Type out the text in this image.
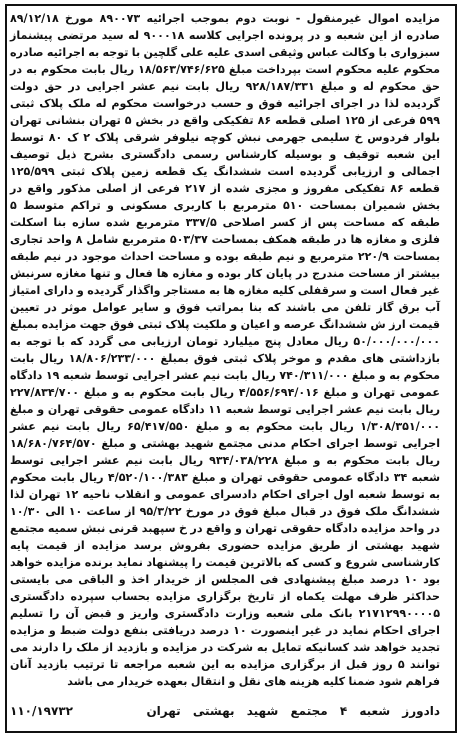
مزایده اموال غیرمنقول - نوبت دوم بموجب اجرائیه ۸۹۰۰۷۳ مورخ ۸۹/۱۲/۱۸ صادره از این شعبه و در پرونده اجرایی کلاسه ۹۰۰۰۱۸ له سید مرتضی پیشنماز سبزواری با وکالت عباس وثیقی اسدی علیه علی گلچین با توجه به اجرائیه صادره محکوم علیه محکوم است بپرداخت مبلغ ۱۸/۵۶۳/۷۴۶/۶۲۵ ریال بابت محکوم به در حق محکوم له و مبلغ ۹۲۸/۱۸۷/۳۳۱ ریال بابت نیم عشر اجرایی در حق دولت گردیده لذا در اجرای اجرائیه فوق و حسب درخواست محکوم له ملک پلاک ثبتی ۵۹۹ فرعی از ۱۲۵ اصلی قطعه ۸۶ تفکیکی واقع در بخش ۵ تهران بنشانی تهران بلوار فردوس خ سلیمی جهرمی نبش کوچه نیلوفر شرقی پلاک ۲ ک ۸۰ توسط این شعبه توقیف و بوسیله کارشناس رسمی دادگستری بشرح ذیل توصیف اجمالی و ارزیابی گردیده است ششدانگ یک قطعه زمین پلاک ثبتی ۱۲۵/۵۹۹ قطعه ۸۶ تفکیکی مفروز و مجزی شده از ۲۱۷ فرعی از اصلی مذکور واقع در بخش شمیران بمساحت ۵۱۰ مترمربع با کاربری مسکونی و تراکم متوسط ۵ طبقه که مساحت پس از کسر اصلاحی ۳۳۷/۵ مترمربع شده سازه بنا اسکلت فلزی و مغازه ها در طبقه همکف بمساحت ۵۰۳/۳۷ مترمربع شامل ۸ واحد تجاری بمساحت ۲۲۰/۹ مترمربع و نیم طبقه بوده و مساحت احداث موجود در نیم طبقه بیشتر از مساحت مندرج در پایان کار بوده و مغازه ها فعال و تنها مغازه سرنبش غیر فعال است و سرقفلی کلیه مغازه ها به مستاجر واگذار گردیده و دارای امتیاز آب برق گاز تلفن می باشند که بنا بمراتب فوق و سایر عوامل موثر در تعیین قیمت ارز ش ششدانگ عرصه و اعیان و ملکیت پلاک ثبتی فوق جهت مزایده بمبلغ ۵۰/۰۰۰/۰۰۰/۰۰۰ ریال معادل پنج میلیارد تومان ارزیابی می گردد که با توجه به بازداشتی های مقدم و موخر پلاک ثبتی فوق بمبلغ ۱۸/۸۰۶/۲۳۳/۰۰۰ ریال بابت محکوم به و مبلغ ۷۴۰/۳۱۱/۰۰۰ ریال بابت نیم عشر اجرایی توسط شعبه ۱۹ دادگاه عمومی تهران و مبلغ ۴/۵۵۶/۶۹۴/۰۱۶ ریال بابت محکوم به و مبلغ ۲۲۷/۸۳۴/۷۰۰ ریال بابت نیم عشر اجرایی توسط شعبه ۱۱ دادگاه عمومی حقوقی تهران و مبلغ ۱/۳۰۸/۳۵۱/۰۰۰ ریال بابت محکوم به و مبلغ ۶۵/۴۱۷/۵۵۰ ریال بابت نیم عشر اجرایی توسط اجرای احکام مدنی مجتمع شهید بهشتی و مبلغ ۱۸/۶۸۰/۷۶۴/۵۷۰ ریال بابت محکوم به و مبلغ ۹۳۴/۰۳۸/۲۲۸ ریال بابت نیم عشر اجرایی توسط شعبه ۳۴ دادگاه عمومی حقوقی تهران و مبلغ ۴/۵۲۰/۱۰۰/۳۸۳ ریال بابت محکوم به توسط شعبه اول اجرای احکام دادسرای عمومی و انقلاب ناحیه ۱۲ تهران لذا ششدانگ ملک فوق در قبال مبلغ فوق در مورخ ۹۵/۳/۲۲ از ساعت ۱۰ الی ۱۰/۳۰ در واحد مزایده دادگاه حقوقی تهران و واقع در خ سپهبد قرنی نبش سمیه مجتمع شهید بهشتی از طریق مزایده حضوری بفروش برسد مزایده از قیمت پایه کارشناسی شروع و کسی که بالاترین قیمت را پیشنهاد نماید برنده مزایده خواهد بود ۱۰ درصد مبلغ پیشنهادی فی المجلس از خریدار اخذ و الباقی می بایستی حداکثر ظرف مهلت یکماه از تاریخ برگزاری مزایده بحساب سپرده دادگستری ۲۱۷۱۲۹۹۰۰۰۰۵ بانک ملی شعبه وزارت دادگستری واریز و قبض آن را تسلیم اجرای احکام نماید در غیر اینصورت ۱۰ درصد دریافتی بنفع دولت ضبط و مزایده تجدید خواهد شد کسانیکه تمایل به شرکت در مزایده و بازدید از ملک را دارند می توانند ۵ روز قبل از برگزاری مزایده به این شعبه مراجعه تا ترتیب بازدید آنان فراهم شود ضمنا کلیه هزینه های نقل و انتقال بعهده خریدار می باشد
دادورز شعبه ۴ مجتمع شهید بهشتی تهران
۱۱۰/۱۹۷۳۲
